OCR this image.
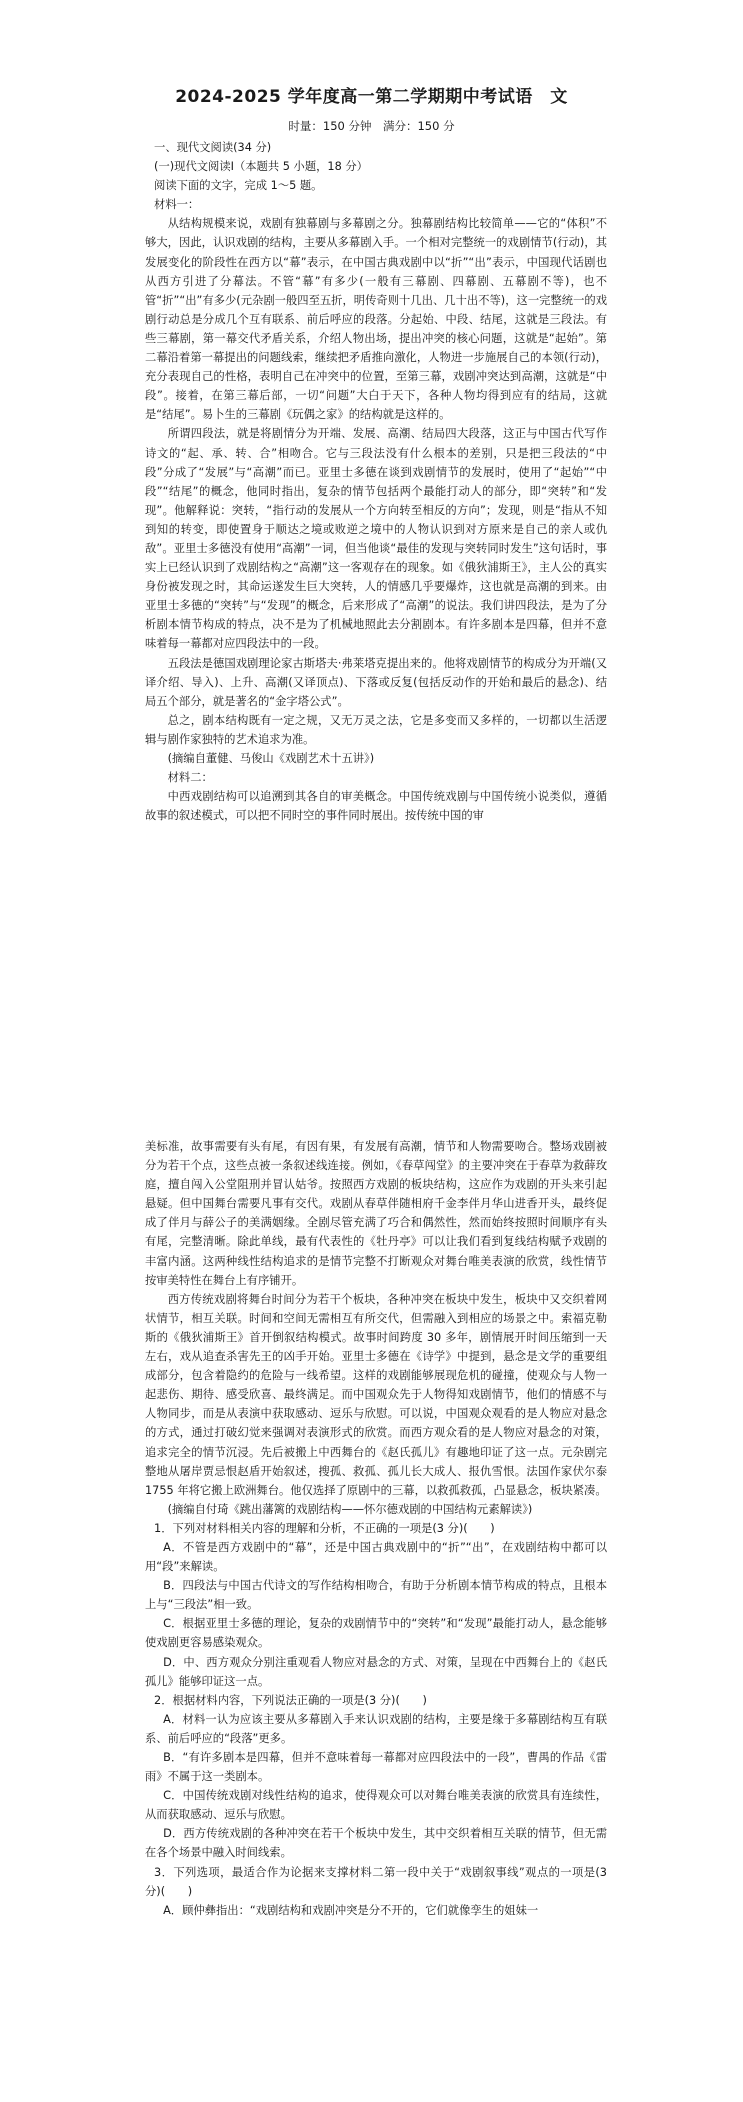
2024-2025 学年度高一第二学期期中考试语　文
时量：150 分钟　满分：150 分

一、现代文阅读(34 分)

(一)现代文阅读Ⅰ（本题共 5 小题，18 分）

阅读下面的文字，完成 1～5 题。

材料一：

从结构规模来说，戏剧有独幕剧与多幕剧之分。独幕剧结构比较简单——它的“体积”不够大，因此，认识戏剧的结构，主要从多幕剧入手。一个相对完整统一的戏剧情节(行动)，其发展变化的阶段性在西方以“幕”表示，在中国古典戏剧中以“折”“出”表示，中国现代话剧也从西方引进了分幕法。不管“幕”有多少(一般有三幕剧、四幕剧、五幕剧不等)，也不管“折”“出”有多少(元杂剧一般四至五折，明传奇则十几出、几十出不等)，这一完整统一的戏剧行动总是分成几个互有联系、前后呼应的段落。分起始、中段、结尾，这就是三段法。有些三幕剧，第一幕交代矛盾关系，介绍人物出场，提出冲突的核心问题，这就是“起始”。第二幕沿着第一幕提出的问题线索，继续把矛盾推向激化，人物进一步施展自己的本领(行动)，充分表现自己的性格，表明自己在冲突中的位置，至第三幕，戏剧冲突达到高潮，这就是“中段”。接着，在第三幕后部，一切“问题”大白于天下，各种人物均得到应有的结局，这就是“结尾”。易卜生的三幕剧《玩偶之家》的结构就是这样的。

所谓四段法，就是将剧情分为开端、发展、高潮、结局四大段落，这正与中国古代写作诗文的“起、承、转、合”相吻合。它与三段法没有什么根本的差别，只是把三段法的“中段”分成了“发展”与“高潮”而已。亚里士多德在谈到戏剧情节的发展时，使用了“起始”“中段”“结尾”的概念，他同时指出，复杂的情节包括两个最能打动人的部分，即“突转”和“发现”。他解释说：突转，“指行动的发展从一个方向转至相反的方向”；发现，则是“指从不知到知的转变，即使置身于顺达之境或败逆之境中的人物认识到对方原来是自己的亲人或仇敌”。亚里士多德没有使用“高潮”一词，但当他谈“最佳的发现与突转同时发生”这句话时，事实上已经认识到了戏剧结构之“高潮”这一客观存在的现象。如《俄狄浦斯王》，主人公的真实身份被发现之时，其命运遂发生巨大突转，人的情感几乎要爆炸，这也就是高潮的到来。由亚里士多德的“突转”与“发现”的概念，后来形成了“高潮”的说法。我们讲四段法，是为了分析剧本情节构成的特点，决不是为了机械地照此去分割剧本。有许多剧本是四幕，但并不意味着每一幕都对应四段法中的一段。

五段法是德国戏剧理论家古斯塔夫·弗莱塔克提出来的。他将戏剧情节的构成分为开端(又译介绍、导入)、上升、高潮(又译顶点)、下落或反复(包括反动作的开始和最后的悬念)、结局五个部分，就是著名的“金字塔公式”。

总之，剧本结构既有一定之规，又无万灵之法，它是多变而又多样的，一切都以生活逻辑与剧作家独特的艺术追求为准。

(摘编自董健、马俊山《戏剧艺术十五讲》)

材料二：

中西戏剧结构可以追溯到其各自的审美概念。中国传统戏剧与中国传统小说类似，遵循故事的叙述模式，可以把不同时空的事件同时展出。按传统中国的审

美标准，故事需要有头有尾，有因有果，有发展有高潮，情节和人物需要吻合。整场戏剧被分为若干个点，这些点被一条叙述线连接。例如，《春草闯堂》的主要冲突在于春草为救薛玫庭，擅自闯入公堂阻刑并冒认姑爷。按照西方戏剧的板块结构，这应作为戏剧的开头来引起悬疑。但中国舞台需要凡事有交代。戏剧从春草伴随相府千金李伴月华山进香开头，最终促成了伴月与薛公子的美满姻缘。全剧尽管充满了巧合和偶然性，然而始终按照时间顺序有头有尾，完整清晰。除此单线，最有代表性的《牡丹亭》可以让我们看到复线结构赋予戏剧的丰富内涵。这两种线性结构追求的是情节完整不打断观众对舞台唯美表演的欣赏，线性情节按审美特性在舞台上有序铺开。

西方传统戏剧将舞台时间分为若干个板块，各种冲突在板块中发生，板块中又交织着网状情节，相互关联。时间和空间无需相互有所交代，但需融入到相应的场景之中。索福克勒斯的《俄狄浦斯王》首开倒叙结构模式。故事时间跨度 30 多年，剧情展开时间压缩到一天左右，戏从追查杀害先王的凶手开始。亚里士多德在《诗学》中提到，悬念是文学的重要组成部分，包含着隐约的危险与一线希望。这样的戏剧能够展现危机的碰撞，使观众与人物一起悲伤、期待、感受欣喜、最终满足。而中国观众先于人物得知戏剧情节，他们的情感不与人物同步，而是从表演中获取感动、逗乐与欣慰。可以说，中国观众观看的是人物应对悬念的方式，通过打破幻觉来强调对表演形式的欣赏。而西方观众看的是人物应对悬念的对策，追求完全的情节沉浸。先后被搬上中西舞台的《赵氏孤儿》有趣地印证了这一点。元杂剧完整地从屠岸贾忌恨赵盾开始叙述，搜孤、救孤、孤儿长大成人、报仇雪恨。法国作家伏尔泰 1755 年将它搬上欧洲舞台。他仅选择了原剧中的三幕，以救孤救孤，凸显悬念，板块紧凑。

(摘编自付琦《跳出藩篱的戏剧结构——怀尔德戏剧的中国结构元素解读》)

1．下列对材料相关内容的理解和分析，不正确的一项是(3 分)(　　)

A．不管是西方戏剧中的“幕”，还是中国古典戏剧中的“折”“出”，在戏剧结构中都可以用“段”来解读。

B．四段法与中国古代诗文的写作结构相吻合，有助于分析剧本情节构成的特点，且根本上与“三段法”相一致。

C．根据亚里士多德的理论，复杂的戏剧情节中的“突转”和“发现”最能打动人，悬念能够使戏剧更容易感染观众。

D．中、西方观众分别注重观看人物应对悬念的方式、对策，呈现在中西舞台上的《赵氏孤儿》能够印证这一点。

2．根据材料内容，下列说法正确的一项是(3 分)(　　)

A．材料一认为应该主要从多幕剧入手来认识戏剧的结构，主要是缘于多幕剧结构互有联系、前后呼应的“段落”更多。

B．“有许多剧本是四幕，但并不意味着每一幕都对应四段法中的一段”，曹禺的作品《雷雨》不属于这一类剧本。

C．中国传统戏剧对线性结构的追求，使得观众可以对舞台唯美表演的欣赏具有连续性，从而获取感动、逗乐与欣慰。

D．西方传统戏剧的各种冲突在若干个板块中发生，其中交织着相互关联的情节，但无需在各个场景中融入时间线索。

3．下列选项，最适合作为论据来支撑材料二第一段中关于“戏剧叙事线”观点的一项是(3 分)(　　)

A．顾仲彝指出：“戏剧结构和戏剧冲突是分不开的，它们就像孪生的姐妹一
